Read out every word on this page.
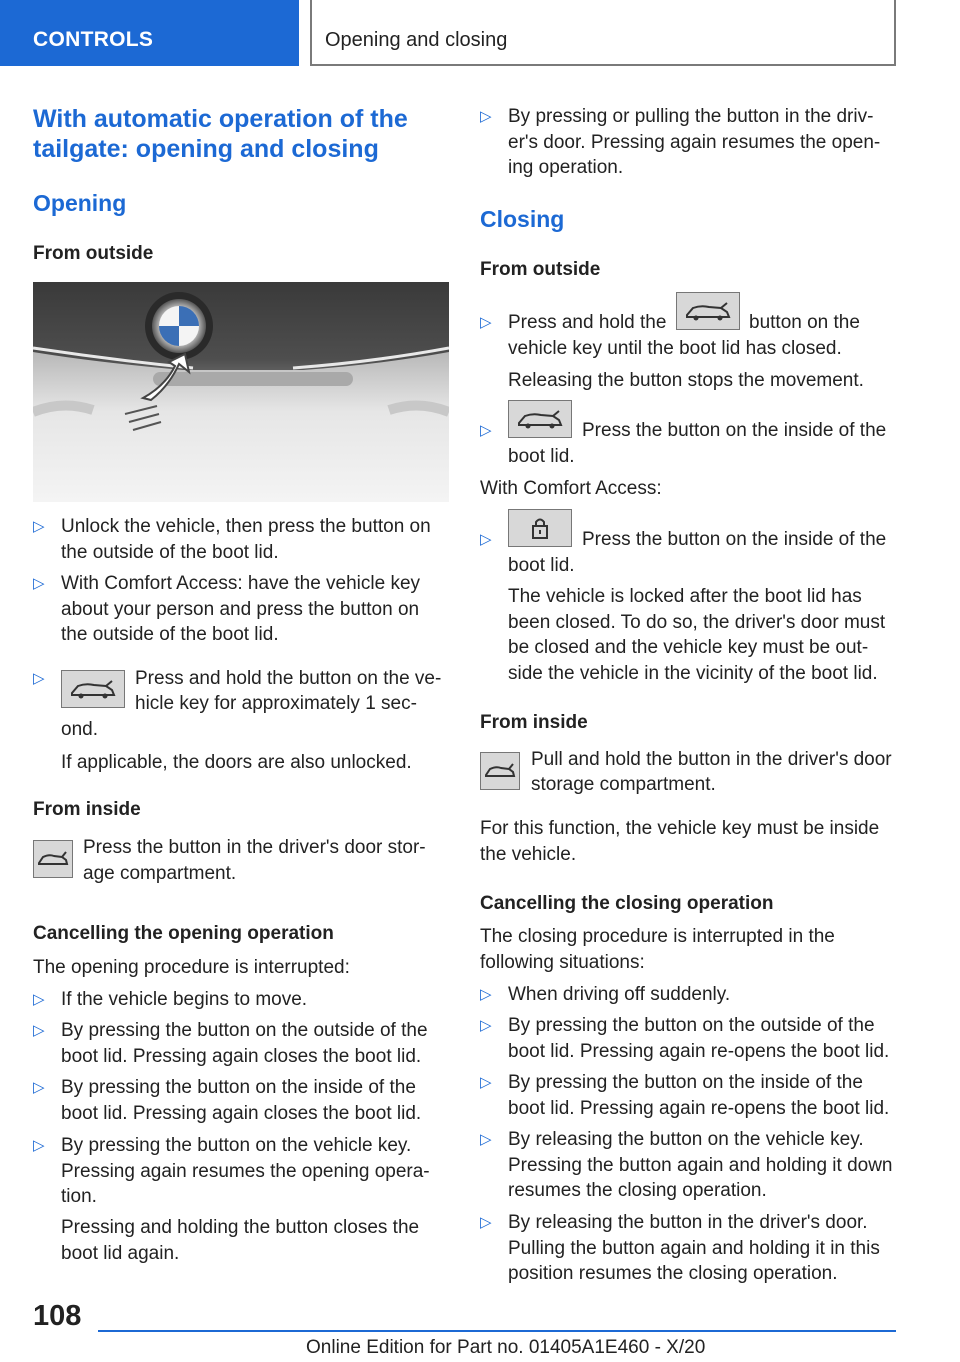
CONTROLS	Opening and closing
With automatic operation of the tailgate: opening and closing
Opening
From outside
▷ Unlock the vehicle, then press the button on the outside of the boot lid.
▷ With Comfort Access: have the vehicle key about your person and press the button on the outside of the boot lid.
▷	Press and hold the button on the ve-
hicle key for approximately 1 sec-
ond.
If applicable, the doors are also unlocked.
From inside
Press the button in the driver's door stor-
age compartment.
Cancelling the opening operation
The opening procedure is interrupted:
▷ If the vehicle begins to move.
▷ By pressing the button on the outside of the boot lid. Pressing again closes the boot lid.
▷ By pressing the button on the inside of the boot lid. Pressing again closes the boot lid.
▷ By pressing the button on the vehicle key. Pressing again resumes the opening opera-tion.
Pressing and holding the button closes the boot lid again.
▷ By pressing or pulling the button in the driv-er's door. Pressing again resumes the open-ing operation.
Closing
From outside
▷ Press and hold the	button on the
vehicle key until the boot lid has closed.
Releasing the button stops the movement.
▷	Press the button on the inside of the
boot lid.
With Comfort Access:
▷	Press the button on the inside of the
boot lid.
The vehicle is locked after the boot lid has been closed. To do so, the driver's door must be closed and the vehicle key must be out-side the vehicle in the vicinity of the boot lid.
From inside
Pull and hold the button in the driver's door
storage compartment.
For this function, the vehicle key must be inside the vehicle.
Cancelling the closing operation
The closing procedure is interrupted in the following situations:
▷ When driving off suddenly.
▷ By pressing the button on the outside of the boot lid. Pressing again re-opens the boot lid.
▷ By pressing the button on the inside of the boot lid. Pressing again re-opens the boot lid.
▷ By releasing the button on the vehicle key. Pressing the button again and holding it down resumes the closing operation.
▷ By releasing the button in the driver's door. Pulling the button again and holding it in this position resumes the closing operation.
108
Online Edition for Part no. 01405A1E460 - X/20
